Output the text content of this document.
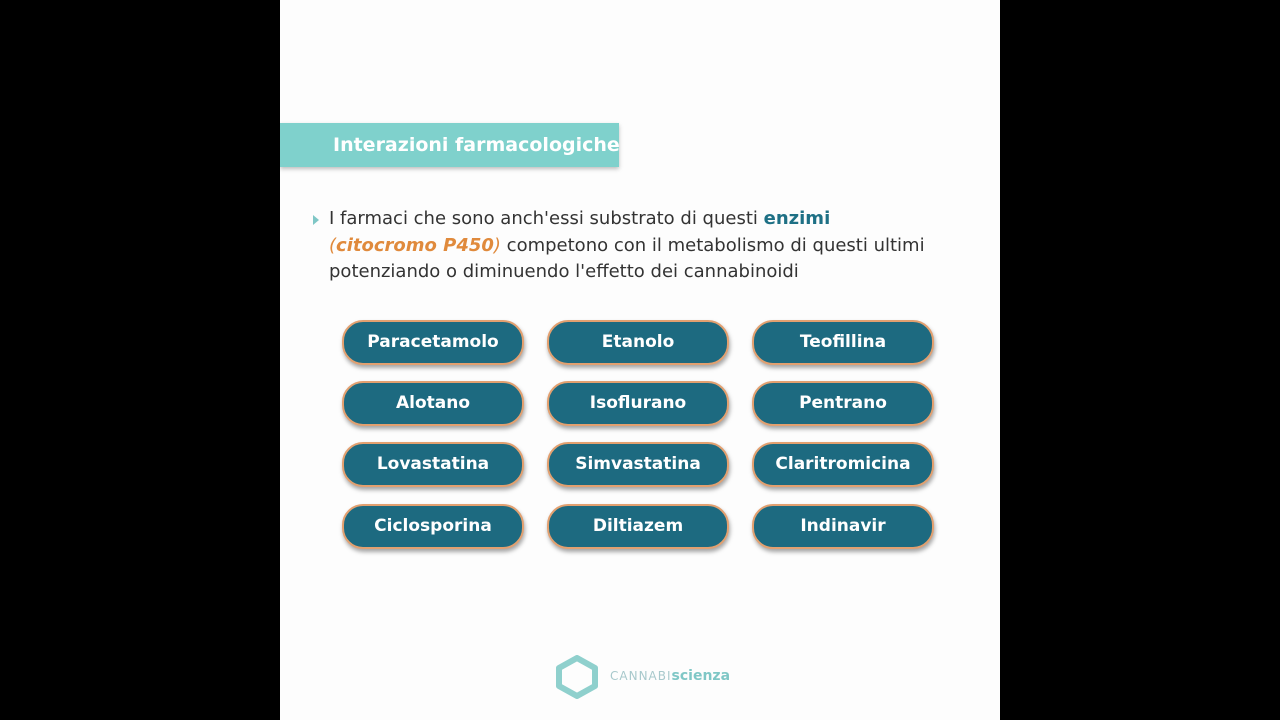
Interazioni farmacologiche
I farmaci che sono anch'essi substrato di questi enzimi
(citocromo P450) competono con il metabolismo di questi ultimi potenziando o diminuendo l'effetto dei cannabinoidi
Paracetamolo	Etanolo	Teofillina
Alotano	Isoflurano	Pentrano
Lovastatina	Simvastatina	Claritromicina
Ciclosporina	Diltiazem	Indinavir
CANNABIscienza
